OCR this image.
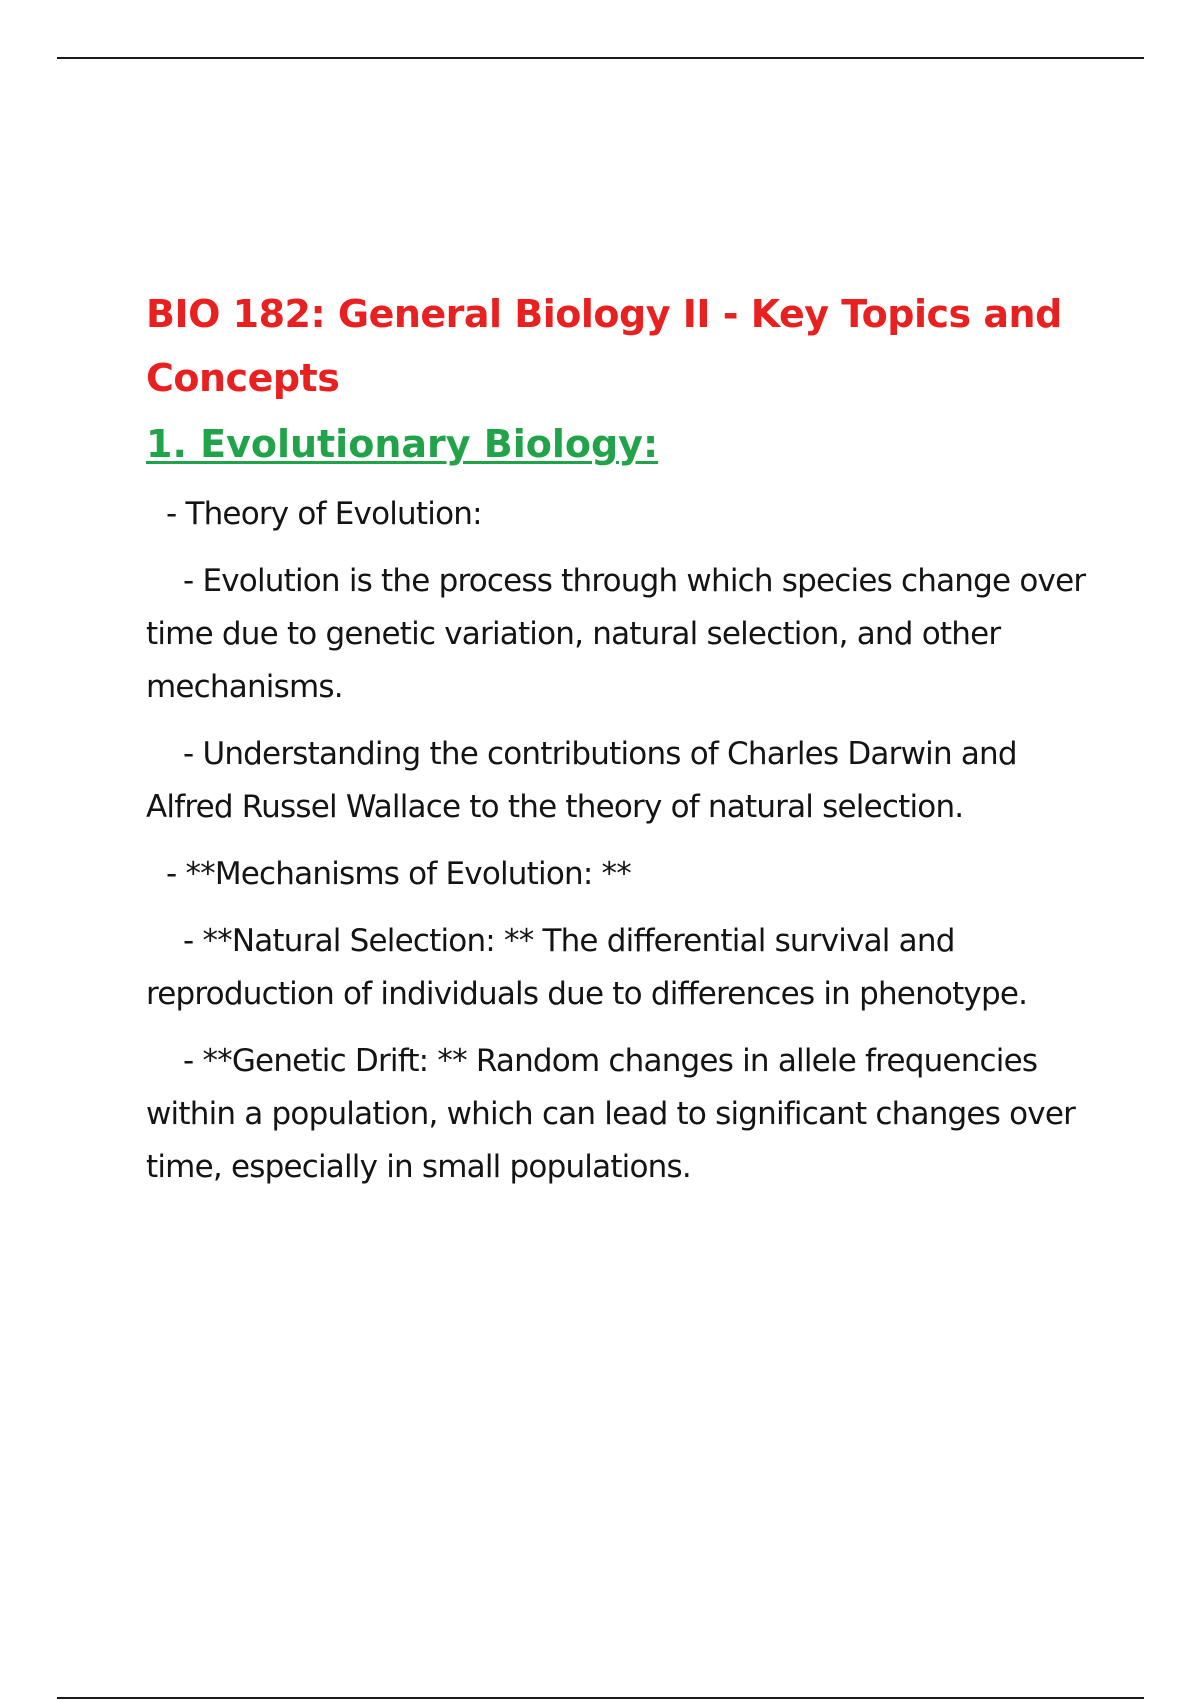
BIO 182: General Biology II - Key Topics and Concepts
1. Evolutionary Biology:

- Theory of Evolution:

- Evolution is the process through which species change over time due to genetic variation, natural selection, and other mechanisms.

- Understanding the contributions of Charles Darwin and Alfred Russel Wallace to the theory of natural selection.

- **Mechanisms of Evolution: **

- **Natural Selection: ** The differential survival and reproduction of individuals due to differences in phenotype.

- **Genetic Drift: ** Random changes in allele frequencies within a population, which can lead to significant changes over time, especially in small populations.
